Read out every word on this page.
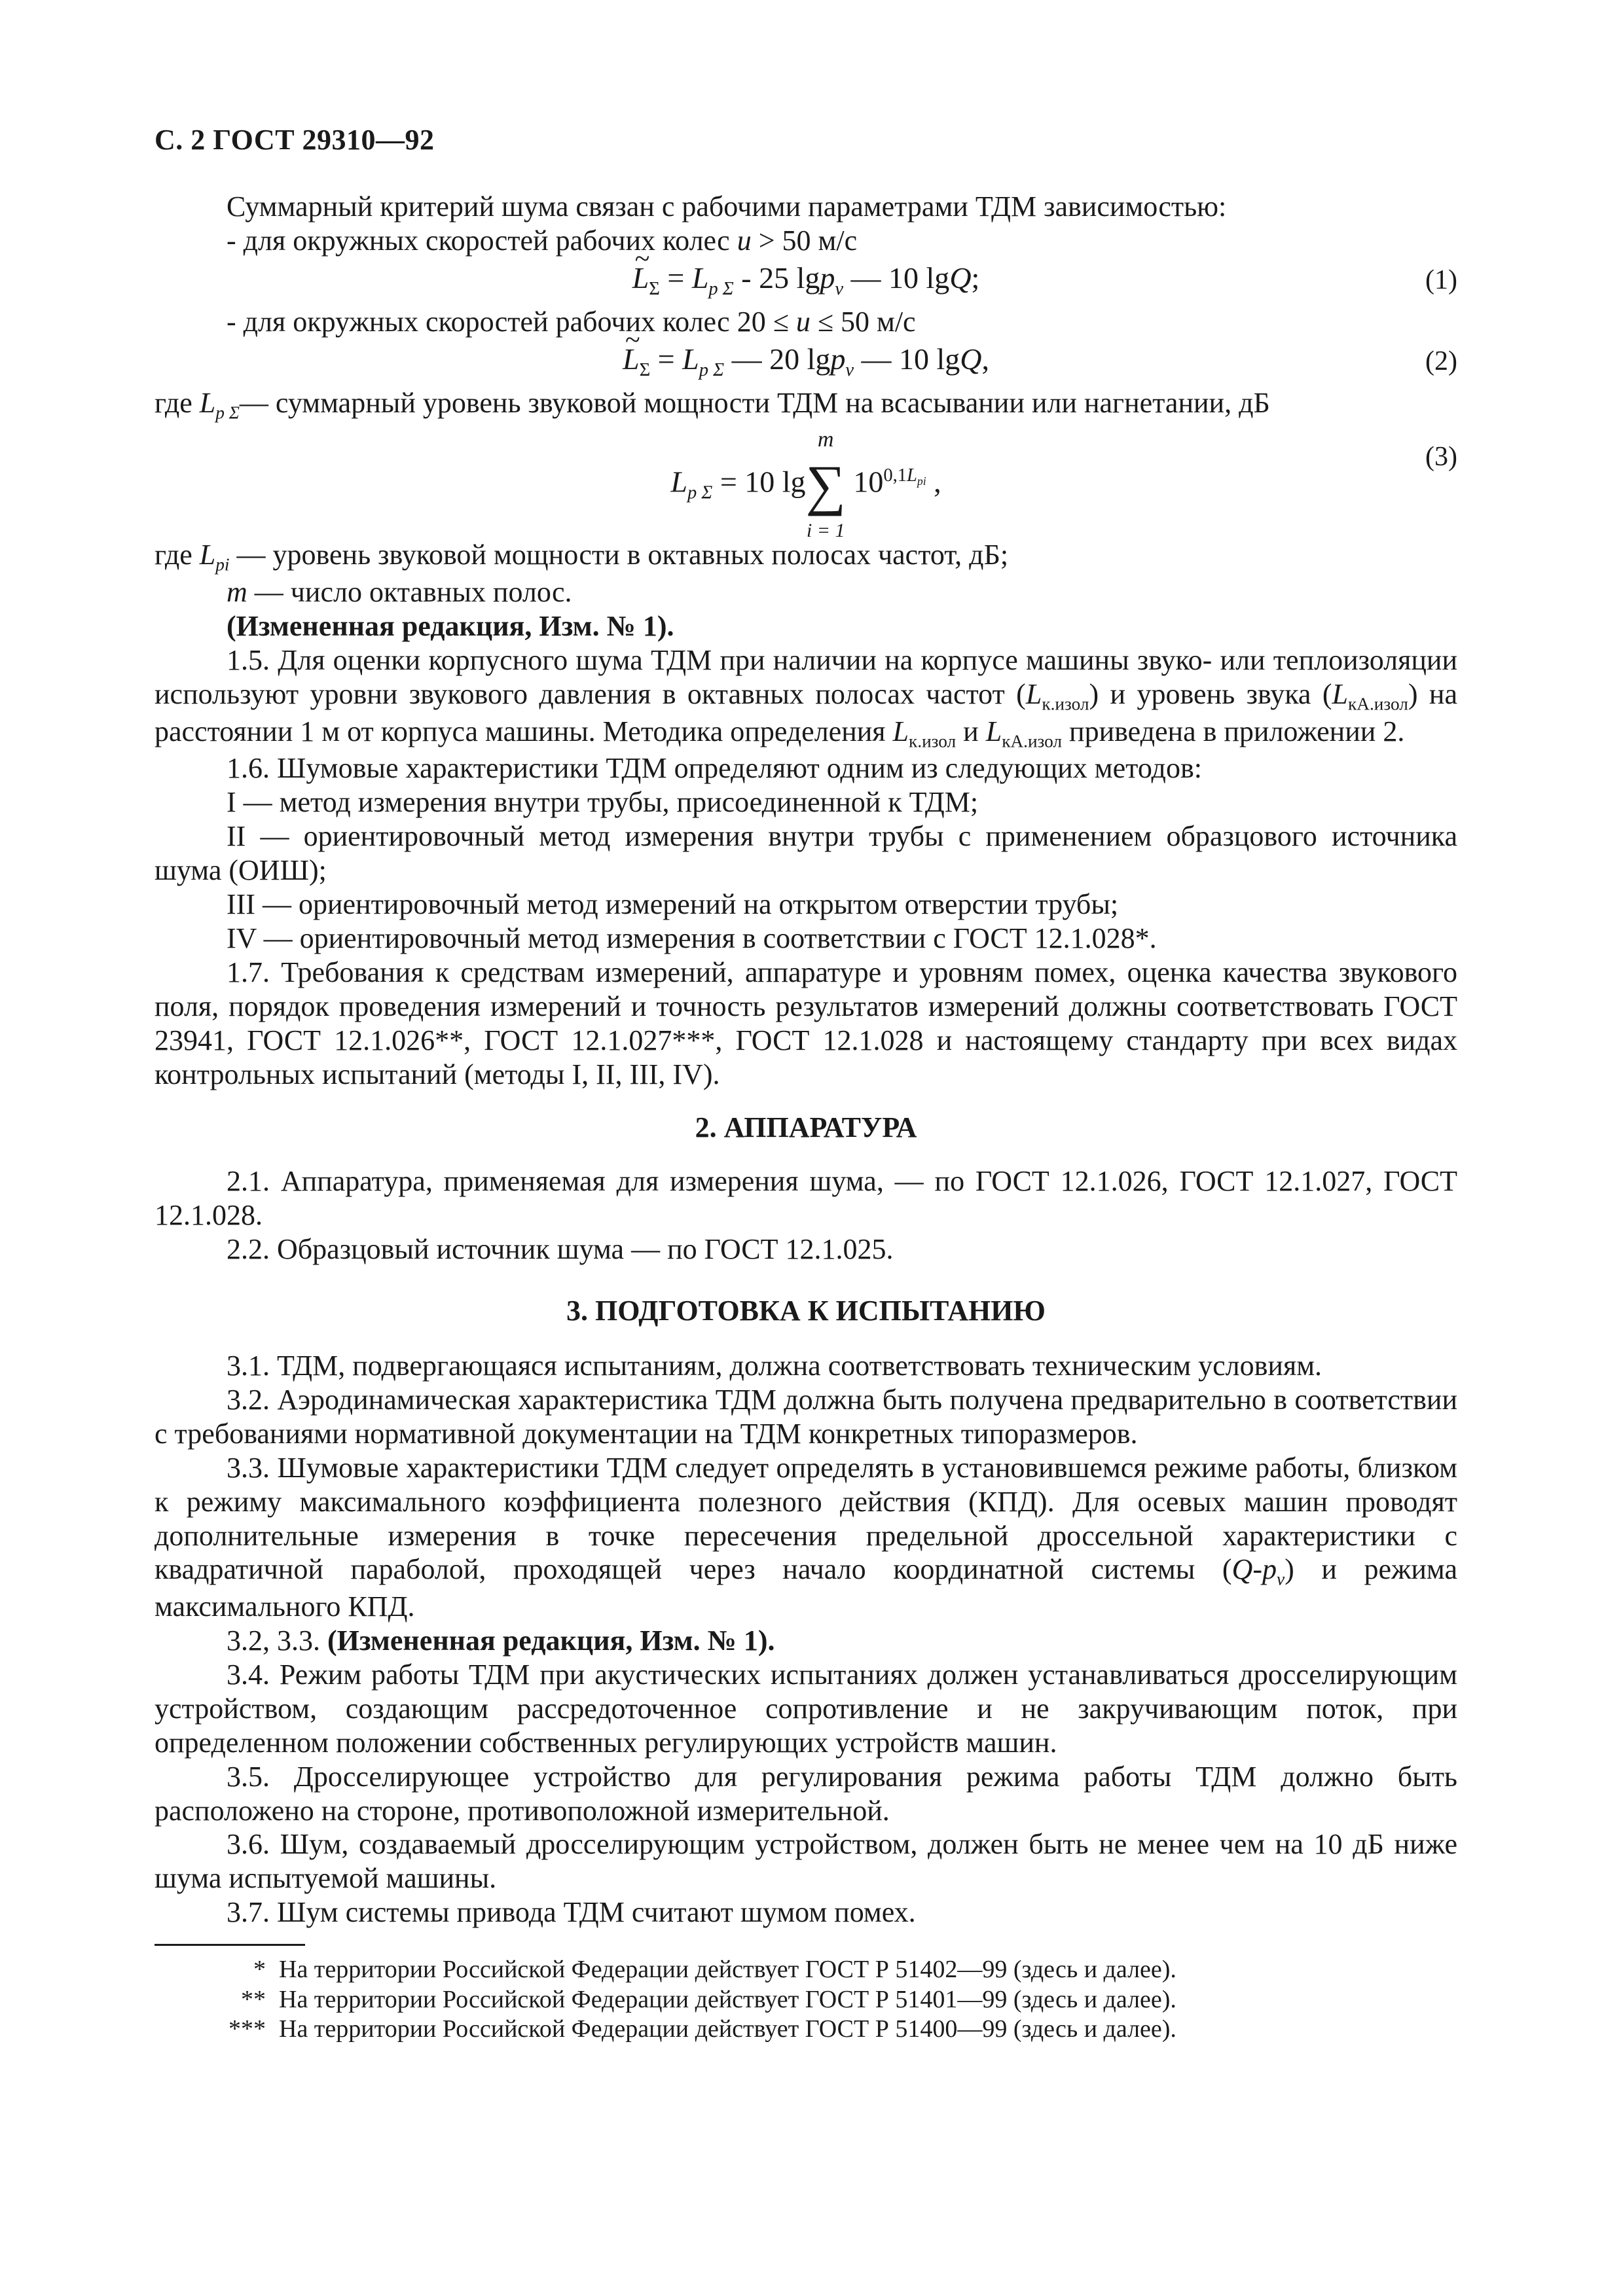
С. 2 ГОСТ 29310—92

Суммарный критерий шума связан с рабочими параметрами ТДМ зависимостью:

- для окружных скоростей рабочих колес u > 50 м/с

~ $L_\Sigma = L_{p \Sigma} - 25$ lgp$_v$ — 10 lgQ;	(1)

- для окружных скоростей рабочих колес 20 ≤ u ≤ 50 м/с

~ $L_\Sigma = L_{p \Sigma}$ — 20 lgp$_v$ — 10 lgQ,	(2)

где $L_{p \Sigma}—$ суммарный уровень звуковой мощности ТДМ на всасывании или нагнетании, дБ

$L_{p \Sigma} = 10$ lg
m
∑
i = 1
$10^{0,1L_{pi}}$ ,
(3)

где $L_{pi}$ — уровень звуковой мощности в октавных полосах частот, дБ;

m — число октавных полос.

(Измененная редакция, Изм. № 1).

1.5. Для оценки корпусного шума ТДМ при наличии на корпусе машины звуко- или теплоизоляции используют уровни звукового давления в октавных полосах частот $(L_{к.изол})$ и уровень звука $(L_{кА.изол})$ на расстоянии 1 м от корпуса машины. Методика определения $L_{к.изол}$ и $L_{кА.изол}$ приведена в приложении 2.

1.6. Шумовые характеристики ТДМ определяют одним из следующих методов:

I — метод измерения внутри трубы, присоединенной к ТДМ;

II — ориентировочный метод измерения внутри трубы с применением образцового источника шума (ОИШ);

III — ориентировочный метод измерений на открытом отверстии трубы;

IV — ориентировочный метод измерения в соответствии с ГОСТ 12.1.028*.

1.7. Требования к средствам измерений, аппаратуре и уровням помех, оценка качества звукового поля, порядок проведения измерений и точность результатов измерений должны соответствовать ГОСТ 23941, ГОСТ 12.1.026**, ГОСТ 12.1.027***, ГОСТ 12.1.028 и настоящему стандарту при всех видах контрольных испытаний (методы I, II, III, IV).

2. АППАРАТУРА

2.1. Аппаратура, применяемая для измерения шума, — по ГОСТ 12.1.026, ГОСТ 12.1.027, ГОСТ 12.1.028.

2.2. Образцовый источник шума — по ГОСТ 12.1.025.

3. ПОДГОТОВКА К ИСПЫТАНИЮ

3.1. ТДМ, подвергающаяся испытаниям, должна соответствовать техническим условиям.

3.2. Аэродинамическая характеристика ТДМ должна быть получена предварительно в соответствии с требованиями нормативной документации на ТДМ конкретных типоразмеров.

3.3. Шумовые характеристики ТДМ следует определять в установившемся режиме работы, близком к режиму максимального коэффициента полезного действия (КПД). Для осевых машин проводят дополнительные измерения в точке пересечения предельной дроссельной характеристики с квадратичной параболой, проходящей через начало координатной системы $(Q-p_v)$ и режима максимального КПД.

3.2, 3.3. (Измененная редакция, Изм. № 1).

3.4. Режим работы ТДМ при акустических испытаниях должен устанавливаться дросселирующим устройством, создающим рассредоточенное сопротивление и не закручивающим поток, при определенном положении собственных регулирующих устройств машин.

3.5. Дросселирующее устройство для регулирования режима работы ТДМ должно быть расположено на стороне, противоположной измерительной.

3.6. Шум, создаваемый дросселирующим устройством, должен быть не менее чем на 10 дБ ниже шума испытуемой машины.

3.7. Шум системы привода ТДМ считают шумом помех.

* На территории Российской Федерации действует ГОСТ Р 51402—99 (здесь и далее).

** На территории Российской Федерации действует ГОСТ Р 51401—99 (здесь и далее).

*** На территории Российской Федерации действует ГОСТ Р 51400—99 (здесь и далее).
